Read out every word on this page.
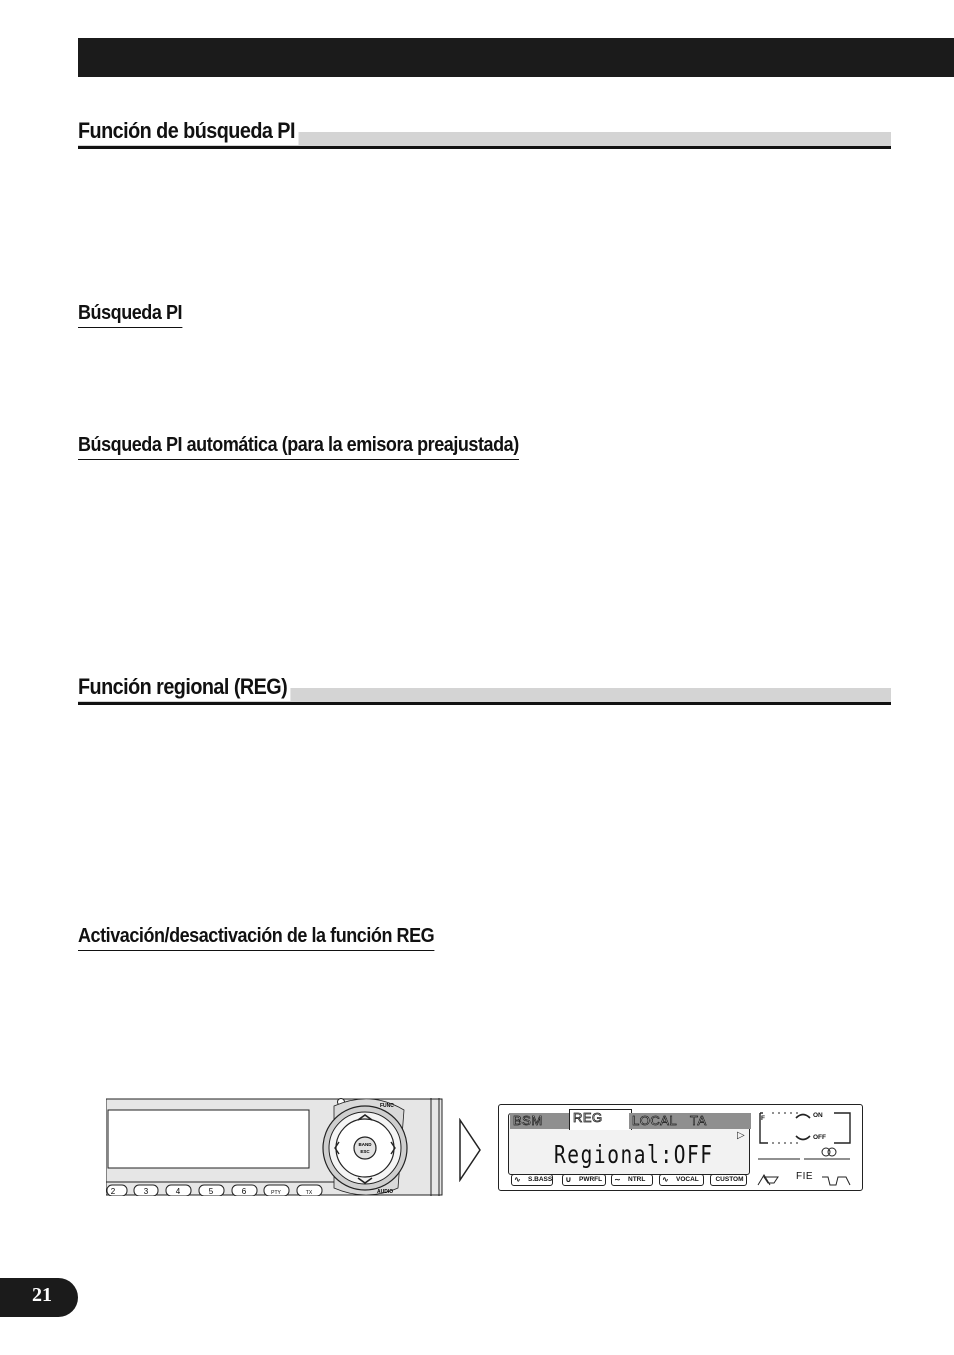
Función de búsqueda PI
Búsqueda PI
Búsqueda PI automática (para la emisora preajustada)
Función regional (REG)
Activación/desactivación de la función REG
BAND
ESC
FUNC
AUDIO
2	3	4	5	6	PTY	TX
BSM	REG	LOCAL TA
▷
Regional:OFF
∿ S.BASS ∪ PWRFL	∼ NTRL	∿ VOCAL	CUSTOM
F	ON
OFF
FIE
21
